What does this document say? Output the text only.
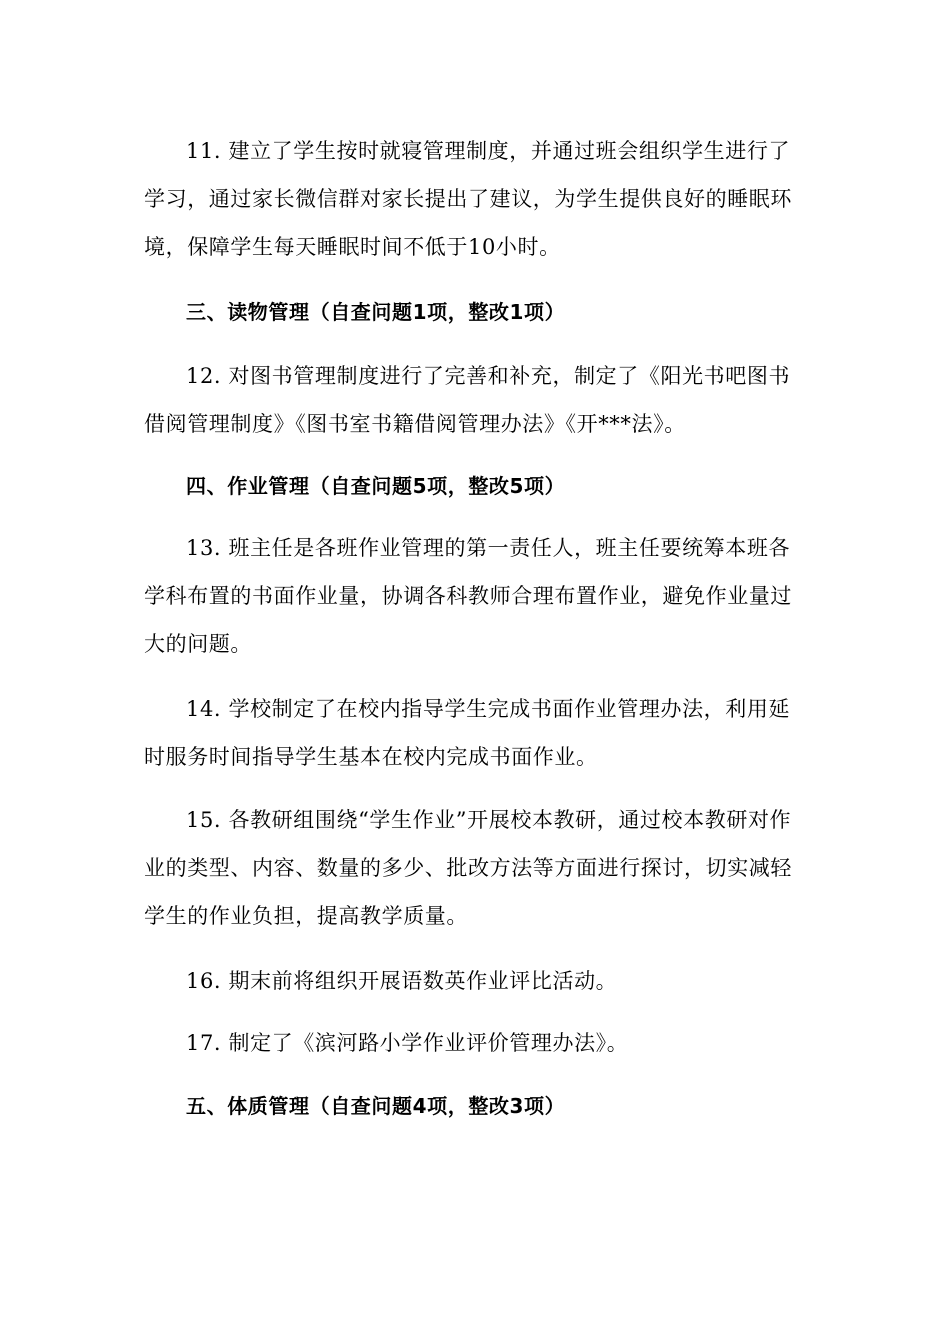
11. 建立了学生按时就寝管理制度，并通过班会组织学生进行了学习，通过家长微信群对家长提出了建议，为学生提供良好的睡眠环境，保障学生每天睡眠时间不低于10小时。

三、读物管理（自查问题1项，整改1项）

12. 对图书管理制度进行了完善和补充，制定了《阳光书吧图书借阅管理制度》《图书室书籍借阅管理办法》《开***法》。

四、作业管理（自查问题5项，整改5项）

13. 班主任是各班作业管理的第一责任人，班主任要统筹本班各学科布置的书面作业量，协调各科教师合理布置作业，避免作业量过大的问题。

14. 学校制定了在校内指导学生完成书面作业管理办法，利用延时服务时间指导学生基本在校内完成书面作业。

15. 各教研组围绕“学生作业”开展校本教研，通过校本教研对作业的类型、内容、数量的多少、批改方法等方面进行探讨，切实减轻学生的作业负担，提高教学质量。

16. 期末前将组织开展语数英作业评比活动。

17. 制定了《滨河路小学作业评价管理办法》。

五、体质管理（自查问题4项，整改3项）
